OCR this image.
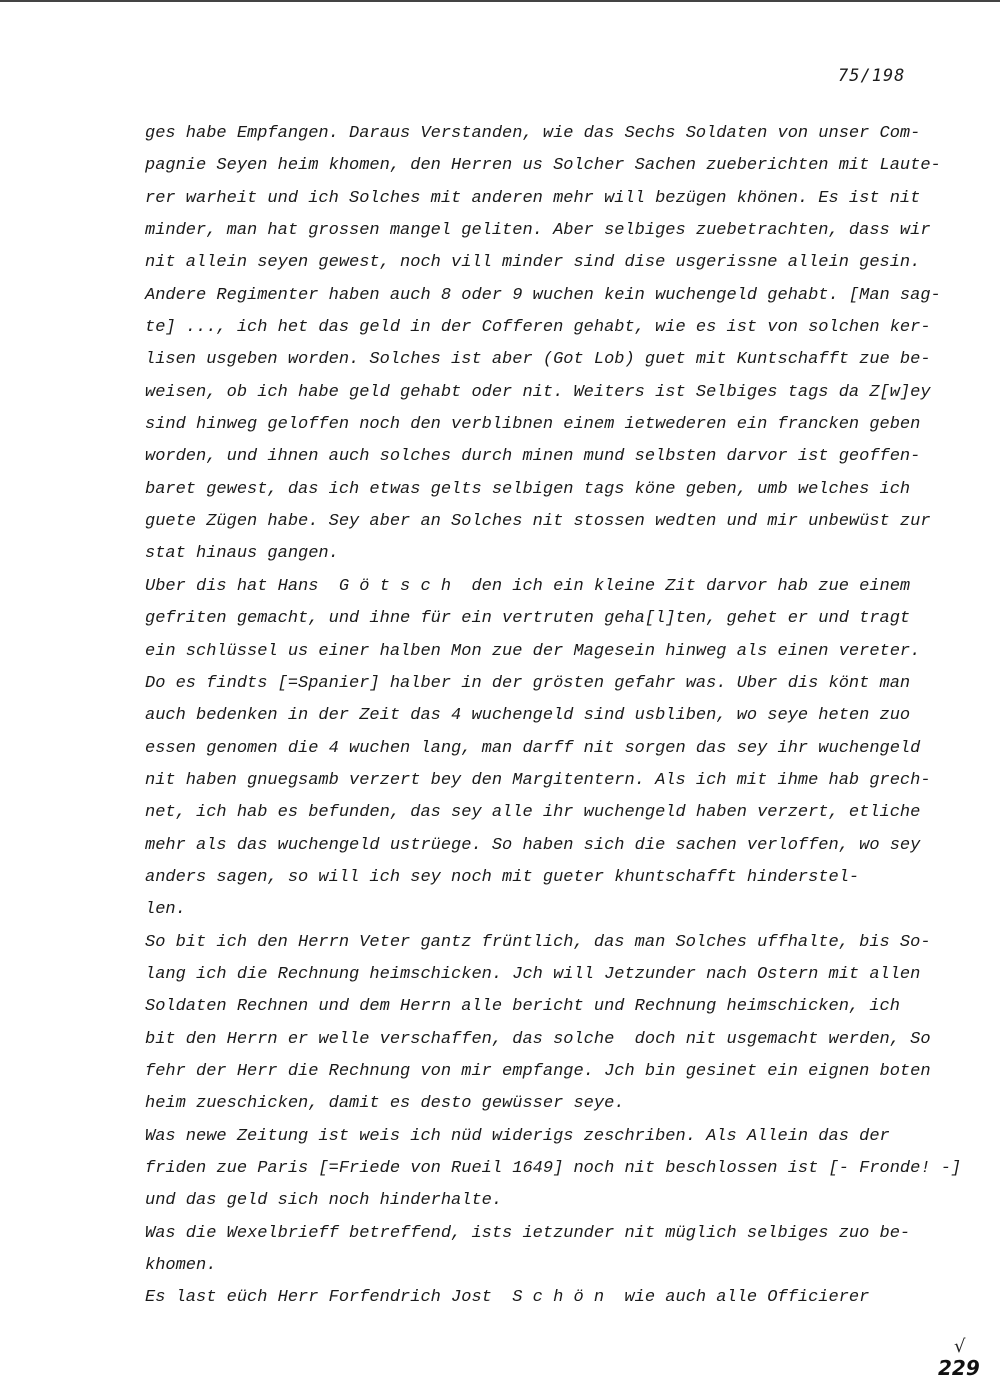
75/198
ges habe Empfangen. Daraus Verstanden, wie das Sechs Soldaten von unser Com-
pagnie Seyen heim khomen, den Herren us Solcher Sachen zueberichten mit Laute-
rer warheit und ich Solches mit anderen mehr will bezügen khönen. Es ist nit
minder, man hat grossen mangel geliten. Aber selbiges zuebetrachten, dass wir
nit allein seyen gewest, noch vill minder sind dise usgerissne allein gesin.
Andere Regimenter haben auch 8 oder 9 wuchen kein wuchengeld gehabt. [Man sag-
te] ..., ich het das geld in der Cofferen gehabt, wie es ist von solchen ker-
lisen usgeben worden. Solches ist aber (Got Lob) guet mit Kuntschafft zue be-
weisen, ob ich habe geld gehabt oder nit. Weiters ist Selbiges tags da Z[w]ey
sind hinweg geloffen noch den verblibnen einem ietwederen ein francken geben
worden, und ihnen auch solches durch minen mund selbsten darvor ist geoffen-
baret gewest, das ich etwas gelts selbigen tags köne geben, umb welches ich
guete Zügen habe. Sey aber an Solches nit stossen wedten und mir unbewüst zur
stat hinaus gangen.
Uber dis hat Hans  G ö t s c h  den ich ein kleine Zit darvor hab zue einem
gefriten gemacht, und ihne für ein vertruten geha[l]ten, gehet er und tragt
ein schlüssel us einer halben Mon zue der Magesein hinweg als einen vereter.
Do es findts [=Spanier] halber in der grösten gefahr was. Uber dis könt man
auch bedenken in der Zeit das 4 wuchengeld sind usbliben, wo seye heten zuo
essen genomen die 4 wuchen lang, man darff nit sorgen das sey ihr wuchengeld
nit haben gnuegsamb verzert bey den Margitentern. Als ich mit ihme hab grech-
net, ich hab es befunden, das sey alle ihr wuchengeld haben verzert, etliche
mehr als das wuchengeld ustrüege. So haben sich die sachen verloffen, wo sey
anders sagen, so will ich sey noch mit gueter khuntschafft hinderstel-
len.
So bit ich den Herrn Veter gantz früntlich, das man Solches uffhalte, bis So-
lang ich die Rechnung heimschicken. Jch will Jetzunder nach Ostern mit allen
Soldaten Rechnen und dem Herrn alle bericht und Rechnung heimschicken, ich
bit den Herrn er welle verschaffen, das solche  doch nit usgemacht werden, So
fehr der Herr die Rechnung von mir empfange. Jch bin gesinet ein eignen boten
heim zueschicken, damit es desto gewüsser seye.
Was newe Zeitung ist weis ich nüd widerigs zeschriben. Als Allein das der
friden zue Paris [=Friede von Rueil 1649] noch nit beschlossen ist [- Fronde! -]
und das geld sich noch hinderhalte.
Was die Wexelbrieff betreffend, ists ietzunder nit müglich selbiges zuo be-
khomen.
Es last eüch Herr Forfendrich Jost  S c h ö n  wie auch alle Officierer
√
229
